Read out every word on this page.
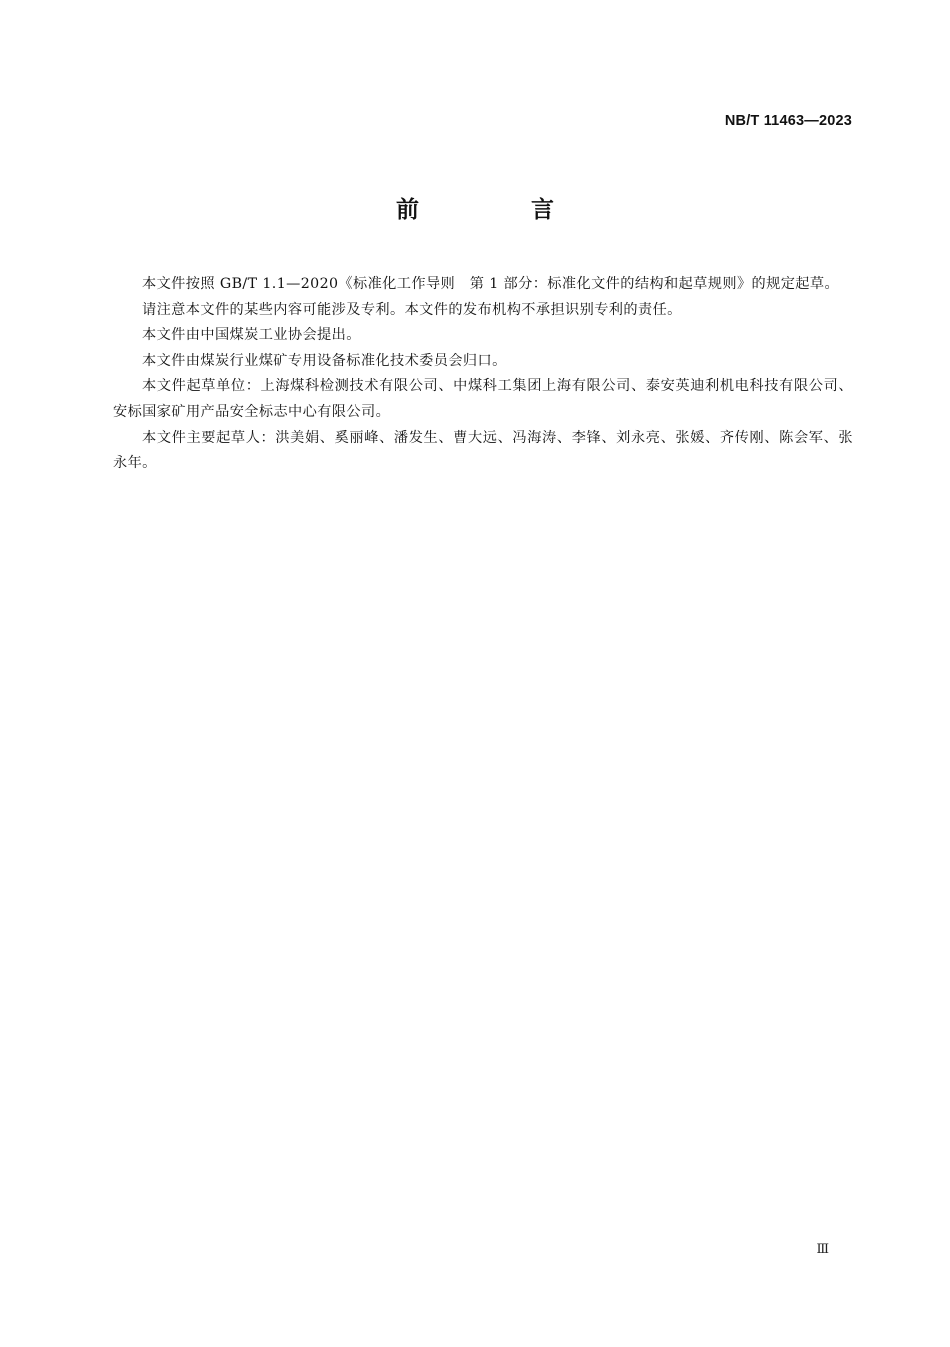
NB/T 11463—2023
前 言

本文件按照 GB/T 1.1—2020《标准化工作导则　第 1 部分：标准化文件的结构和起草规则》的规定起草。

请注意本文件的某些内容可能涉及专利。本文件的发布机构不承担识别专利的责任。

本文件由中国煤炭工业协会提出。

本文件由煤炭行业煤矿专用设备标准化技术委员会归口。

本文件起草单位：上海煤科检测技术有限公司、中煤科工集团上海有限公司、泰安英迪利机电科技有限公司、安标国家矿用产品安全标志中心有限公司。

本文件主要起草人：洪美娟、奚丽峰、潘发生、曹大远、冯海涛、李锋、刘永亮、张媛、齐传刚、陈会军、张永年。

Ⅲ
